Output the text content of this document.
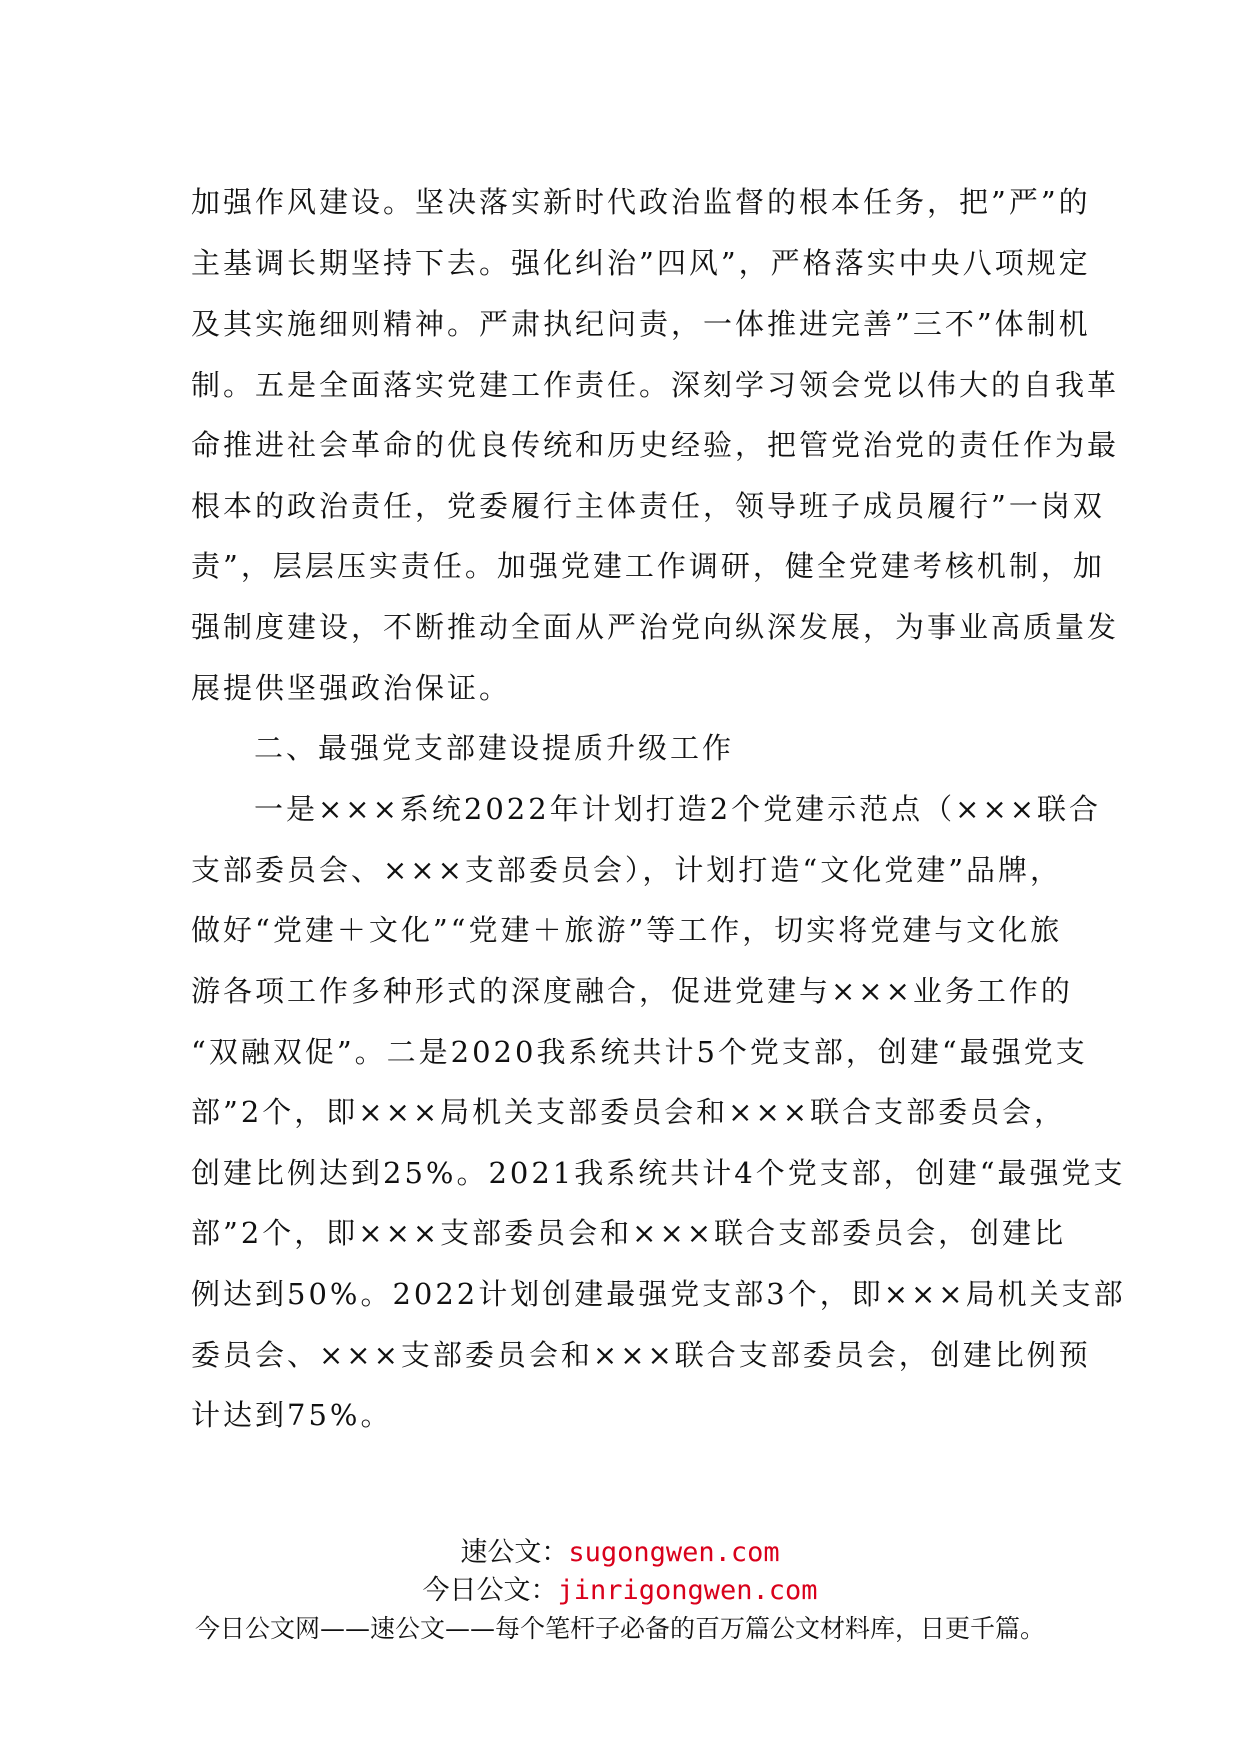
加强作风建设。坚决落实新时代政治监督的根本任务，把”严”的
主基调长期坚持下去。强化纠治”四风”，严格落实中央八项规定
及其实施细则精神。严肃执纪问责，一体推进完善”三不”体制机
制。五是全面落实党建工作责任。深刻学习领会党以伟大的自我革
命推进社会革命的优良传统和历史经验，把管党治党的责任作为最
根本的政治责任，党委履行主体责任，领导班子成员履行”一岗双
责”，层层压实责任。加强党建工作调研，健全党建考核机制，加
强制度建设，不断推动全面从严治党向纵深发展，为事业高质量发
展提供坚强政治保证。
二、最强党支部建设提质升级工作
一是×××系统2022年计划打造2个党建示范点（×××联合
支部委员会、×××支部委员会），计划打造“文化党建”品牌，
做好“党建＋文化”“党建＋旅游”等工作，切实将党建与文化旅
游各项工作多种形式的深度融合，促进党建与×××业务工作的
“双融双促”。二是2020我系统共计5个党支部，创建“最强党支
部”2个，即×××局机关支部委员会和×××联合支部委员会，
创建比例达到25%。2021我系统共计4个党支部，创建“最强党支
部”2个，即×××支部委员会和×××联合支部委员会，创建比
例达到50%。2022计划创建最强党支部3个，即×××局机关支部
委员会、×××支部委员会和×××联合支部委员会，创建比例预
计达到75%。
速公文：sugongwen.com
今日公文：jinrigongwen.com
今日公文网——速公文——每个笔杆子必备的百万篇公文材料库，日更千篇。
